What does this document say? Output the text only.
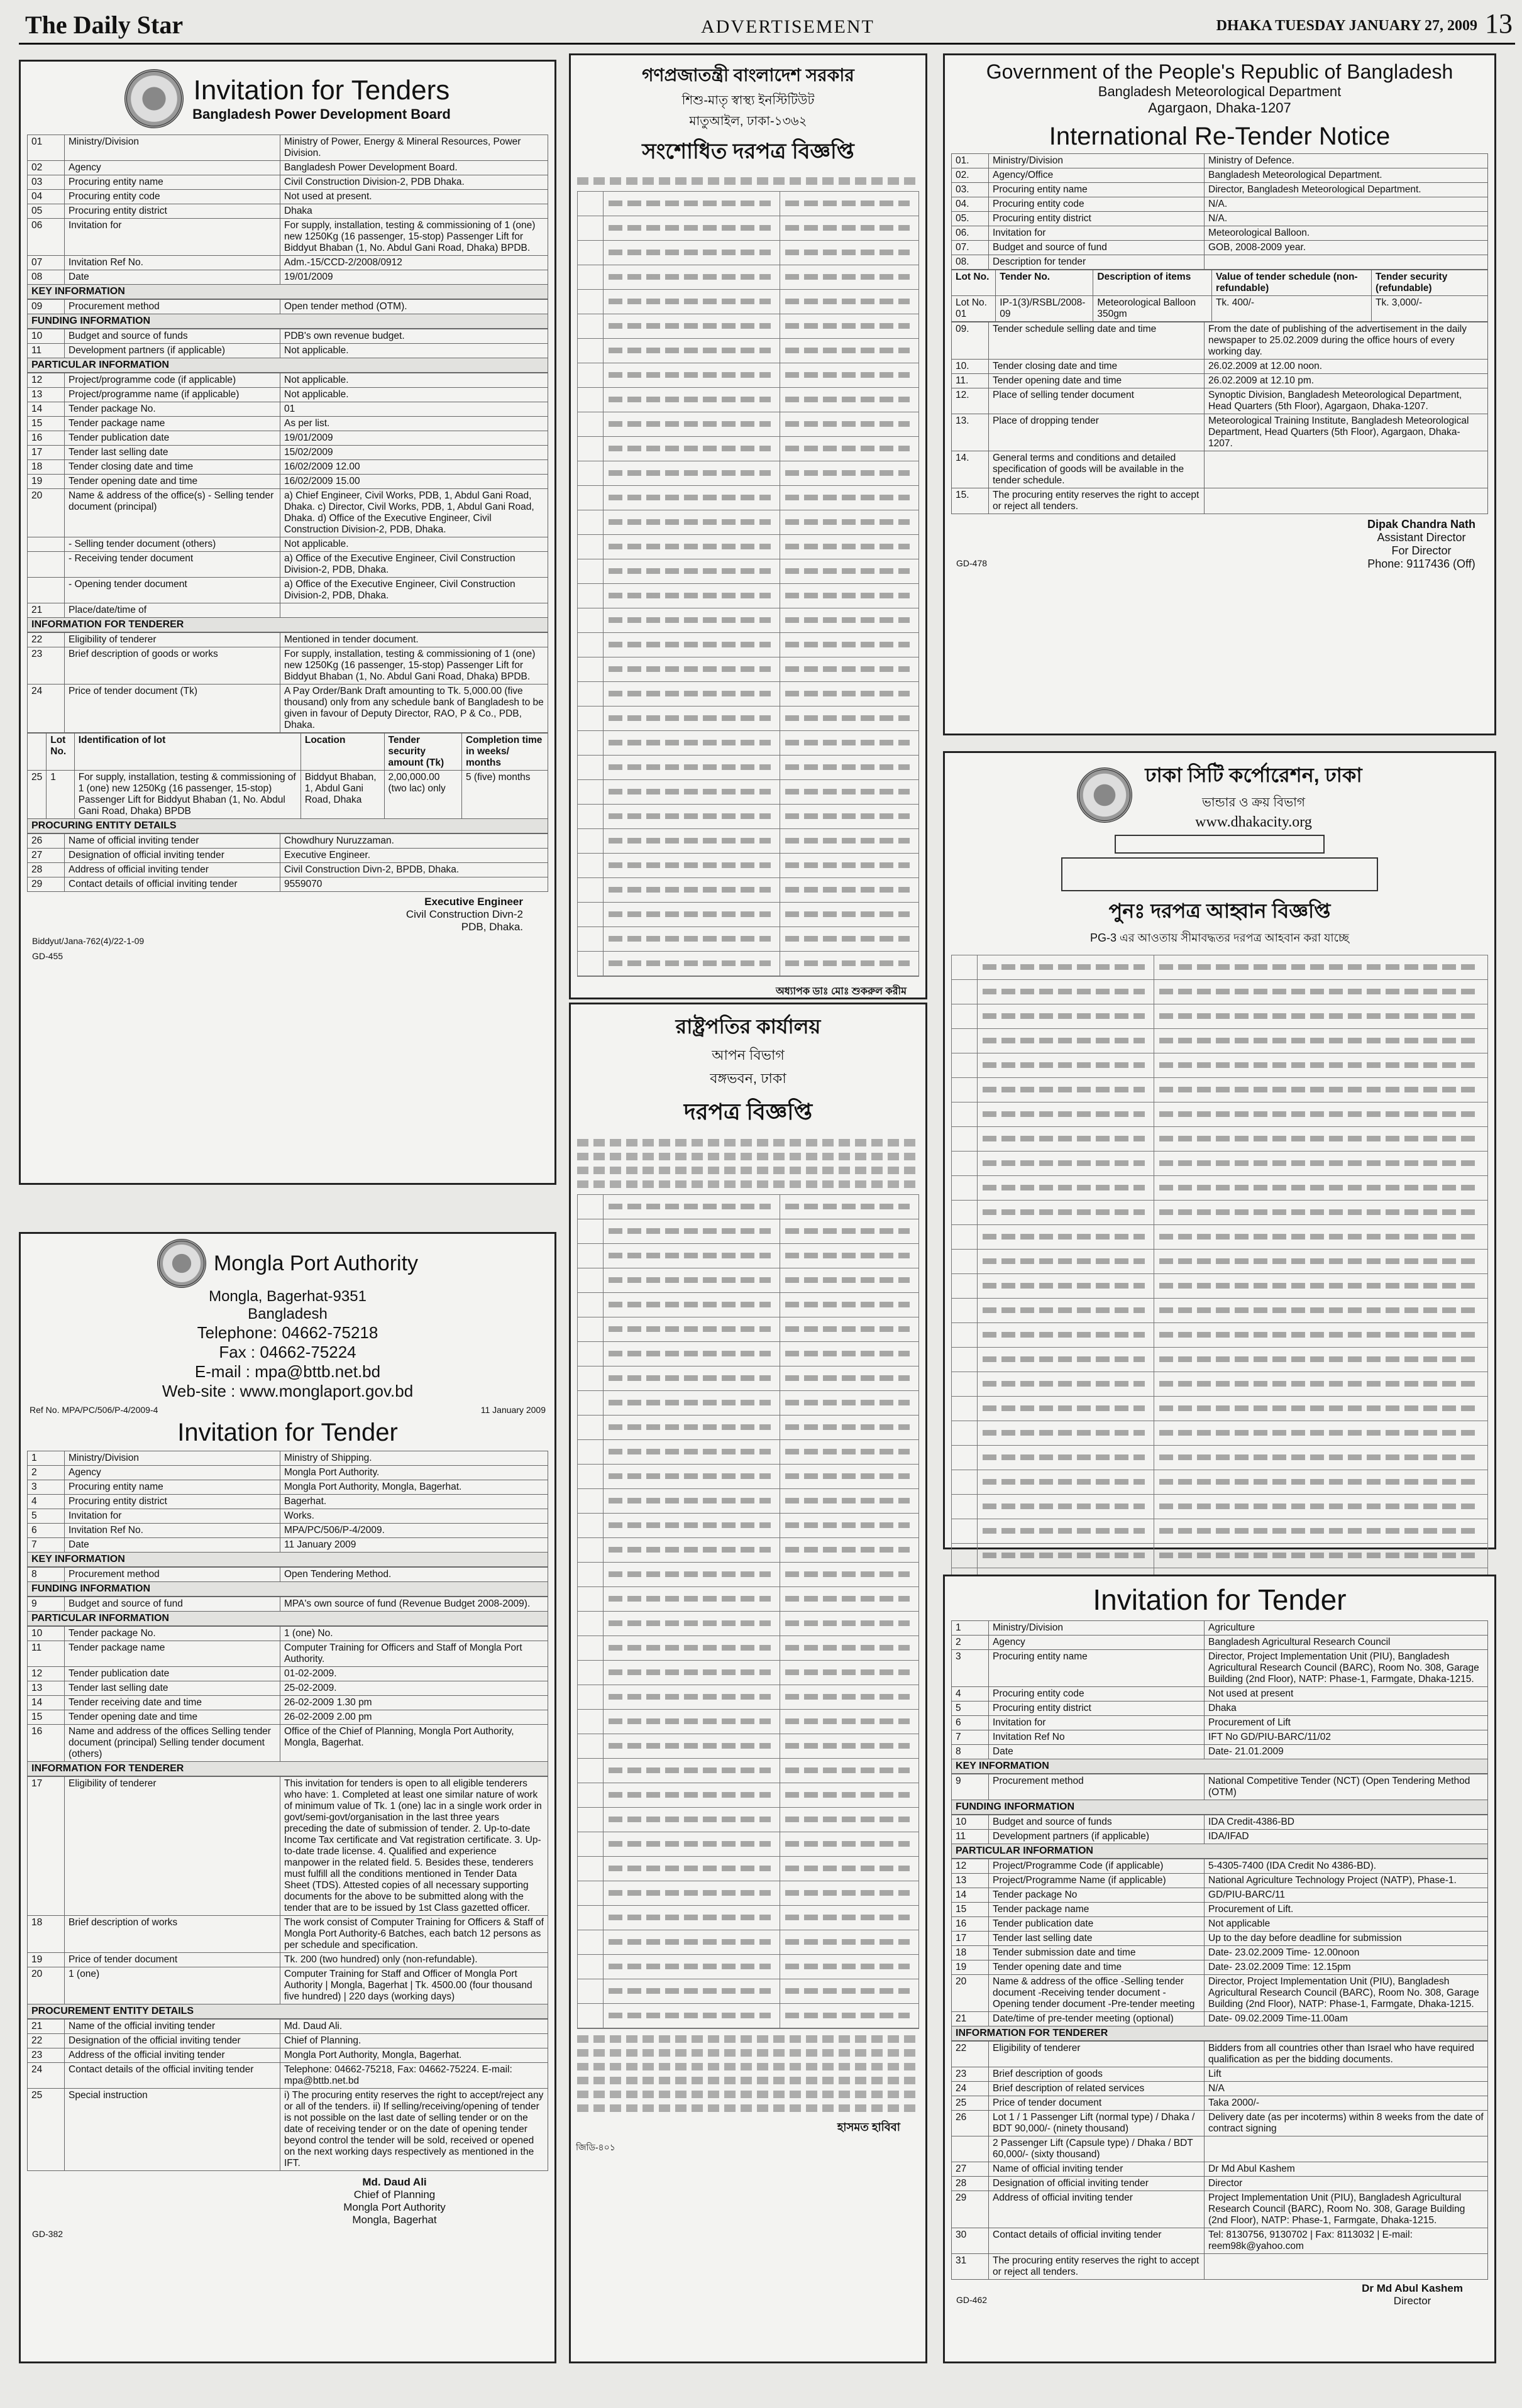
The Daily Star	ADVERTISEMENT	DHAKA TUESDAY JANUARY 27, 2009 13
Invitation for Tenders
Bangladesh Power Development Board
01	Ministry/Division	Ministry of Power, Energy & Mineral Resources, Power Division.
02	Agency	Bangladesh Power Development Board.
03	Procuring entity name	Civil Construction Division-2, PDB Dhaka.
04	Procuring entity code	Not used at present.
05	Procuring entity district	Dhaka
06	Invitation for	For supply, installation, testing & commissioning of 1 (one) new 1250Kg (16 passenger, 15-stop) Passenger Lift for Biddyut Bhaban (1, No. Abdul Gani Road, Dhaka) BPDB.
07	Invitation Ref No.	Adm.-15/CCD-2/2008/0912
08	Date	19/01/2009
KEY INFORMATION
09	Procurement method	Open tender method (OTM).
FUNDING INFORMATION
10	Budget and source of funds	PDB's own revenue budget.
11	Development partners (if applicable)	Not applicable.
PARTICULAR INFORMATION
12	Project/programme code (if applicable)	Not applicable.
13	Project/programme name (if applicable)	Not applicable.
14	Tender package No.	01
15	Tender package name	As per list.
16	Tender publication date	19/01/2009
17	Tender last selling date	15/02/2009
18	Tender closing date and time	16/02/2009 12.00
19	Tender opening date and time	16/02/2009 15.00
20	Name & address of the office(s) - Selling tender document (principal)	a) Chief Engineer, Civil Works, PDB, 1, Abdul Gani Road, Dhaka. c) Director, Civil Works, PDB, 1, Abdul Gani Road, Dhaka. d) Office of the Executive Engineer, Civil Construction Division-2, PDB, Dhaka.
	- Selling tender document (others)	Not applicable.
	- Receiving tender document	a) Office of the Executive Engineer, Civil Construction Division-2, PDB, Dhaka.
	- Opening tender document	a) Office of the Executive Engineer, Civil Construction Division-2, PDB, Dhaka.
21	Place/date/time of	
INFORMATION FOR TENDERER
22	Eligibility of tenderer	Mentioned in tender document.
23	Brief description of goods or works	For supply, installation, testing & commissioning of 1 (one) new 1250Kg (16 passenger, 15-stop) Passenger Lift for Biddyut Bhaban (1, No. Abdul Gani Road, Dhaka) BPDB.
24	Price of tender document (Tk)	A Pay Order/Bank Draft amounting to Tk. 5,000.00 (five thousand) only from any schedule bank of Bangladesh to be given in favour of Deputy Director, RAO, P & Co., PDB, Dhaka.
	Lot No.	Identification of lot	Location	Tender security amount (Tk)	Completion time in weeks/ months
25	1	For supply, installation, testing & commissioning of 1 (one) new 1250Kg (16 passenger, 15-stop) Passenger Lift for Biddyut Bhaban (1, No. Abdul Gani Road, Dhaka) BPDB	Biddyut Bhaban, 1, Abdul Gani Road, Dhaka	2,00,000.00 (two lac) only	5 (five) months
PROCURING ENTITY DETAILS
26	Name of official inviting tender	Chowdhury Nuruzzaman.
27	Designation of official inviting tender	Executive Engineer.
28	Address of official inviting tender	Civil Construction Divn-2, BPDB, Dhaka.
29	Contact details of official inviting tender	9559070
Executive Engineer
Civil Construction Divn-2
PDB, Dhaka.
Biddyut/Jana-762(4)/22-1-09
GD-455
Mongla Port Authority
Mongla, Bagerhat-9351
Bangladesh
Telephone: 04662-75218
Fax : 04662-75224
E-mail : mpa@bttb.net.bd
Web-site : www.monglaport.gov.bd
Ref No. MPA/PC/506/P-4/2009-4	11 January 2009
Invitation for Tender
1	Ministry/Division	Ministry of Shipping.
2	Agency	Mongla Port Authority.
3	Procuring entity name	Mongla Port Authority, Mongla, Bagerhat.
4	Procuring entity district	Bagerhat.
5	Invitation for	Works.
6	Invitation Ref No.	MPA/PC/506/P-4/2009.
7	Date	11 January 2009
KEY INFORMATION
8	Procurement method	Open Tendering Method.
FUNDING INFORMATION
9	Budget and source of fund	MPA's own source of fund (Revenue Budget 2008-2009).
PARTICULAR INFORMATION
10	Tender package No.	1 (one) No.
11	Tender package name	Computer Training for Officers and Staff of Mongla Port Authority.
12	Tender publication date	01-02-2009.
13	Tender last selling date	25-02-2009.
14	Tender receiving date and time	26-02-2009 1.30 pm
15	Tender opening date and time	26-02-2009 2.00 pm
16	Name and address of the offices Selling tender document (principal) Selling tender document (others)	Office of the Chief of Planning, Mongla Port Authority, Mongla, Bagerhat.
INFORMATION FOR TENDERER
17	Eligibility of tenderer	This invitation for tenders is open to all eligible tenderers who have: 1. Completed at least one similar nature of work of minimum value of Tk. 1 (one) lac in a single work order in govt/semi-govt/organisation in the last three years preceding the date of submission of tender. 2. Up-to-date Income Tax certificate and Vat registration certificate. 3. Up-to-date trade license. 4. Qualified and experience manpower in the related field. 5. Besides these, tenderers must fulfill all the conditions mentioned in Tender Data Sheet (TDS). Attested copies of all necessary supporting documents for the above to be submitted along with the tender that are to be issued by 1st Class gazetted officer.
18	Brief description of works	The work consist of Computer Training for Officers & Staff of Mongla Port Authority-6 Batches, each batch 12 persons as per schedule and specification.
19	Price of tender document	Tk. 200 (two hundred) only (non-refundable).
20	1 (one)	Computer Training for Staff and Officer of Mongla Port Authority | Mongla, Bagerhat | Tk. 4500.00 (four thousand five hundred) | 220 days (working days)
PROCUREMENT ENTITY DETAILS
21	Name of the official inviting tender	Md. Daud Ali.
22	Designation of the official inviting tender	Chief of Planning.
23	Address of the official inviting tender	Mongla Port Authority, Mongla, Bagerhat.
24	Contact details of the official inviting tender	Telephone: 04662-75218, Fax: 04662-75224. E-mail: mpa@bttb.net.bd
25	Special instruction	i) The procuring entity reserves the right to accept/reject any or all of the tenders. ii) If selling/receiving/opening of tender is not possible on the last date of selling tender or on the date of receiving tender or on the date of opening tender beyond control the tender will be sold, received or opened on the next working days respectively as mentioned in the IFT.
Md. Daud Ali
Chief of Planning
Mongla Port Authority
Mongla, Bagerhat
GD-382
গণপ্রজাতন্ত্রী বাংলাদেশ সরকার
শিশু-মাতৃ স্বাস্থ্য ইনস্টিটিউট
মাতুআইল, ঢাকা-১৩৬২
সংশোধিত দরপত্র বিজ্ঞপ্তি
অধ্যাপক ডাঃ মোঃ শুকরুল করীম
রাষ্ট্রপতির কার্যালয়
আপন বিভাগ
বঙ্গভবন, ঢাকা
দরপত্র বিজ্ঞপ্তি
হাসমত হাবিবা
জিডি-৪০১
Government of the People's Republic of Bangladesh
Bangladesh Meteorological Department
Agargaon, Dhaka-1207
International Re-Tender Notice
01.	Ministry/Division	Ministry of Defence.
02.	Agency/Office	Bangladesh Meteorological Department.
03.	Procuring entity name	Director, Bangladesh Meteorological Department.
04.	Procuring entity code	N/A.
05.	Procuring entity district	N/A.
06.	Invitation for	Meteorological Balloon.
07.	Budget and source of fund	GOB, 2008-2009 year.
08.	Description for tender	
Lot No.	Tender No.	Description of items	Value of tender schedule (non-refundable)	Tender security (refundable)
Lot No. 01	IP-1(3)/RSBL/2008-09	Meteorological Balloon 350gm	Tk. 400/-	Tk. 3,000/-
09.	Tender schedule selling date and time	From the date of publishing of the advertisement in the daily newspaper to 25.02.2009 during the office hours of every working day.
10.	Tender closing date and time	26.02.2009 at 12.00 noon.
11.	Tender opening date and time	26.02.2009 at 12.10 pm.
12.	Place of selling tender document	Synoptic Division, Bangladesh Meteorological Department, Head Quarters (5th Floor), Agargaon, Dhaka-1207.
13.	Place of dropping tender	Meteorological Training Institute, Bangladesh Meteorological Department, Head Quarters (5th Floor), Agargaon, Dhaka-1207.
14.	General terms and conditions and detailed specification of goods will be available in the tender schedule.	
15.	The procuring entity reserves the right to accept or reject all tenders.	
GD-478
Dipak Chandra Nath
Assistant Director
For Director
Phone: 9117436 (Off)
ঢাকা সিটি কর্পোরেশন, ঢাকা
ভান্ডার ও ক্রয় বিভাগ
www.dhakacity.org
পুনঃ দরপত্র আহ্বান বিজ্ঞপ্তি
PG-3 এর আওতায় সীমাবদ্ধতর দরপত্র আহবান করা যাচ্ছে
Invitation for Tender
1	Ministry/Division	Agriculture
2	Agency	Bangladesh Agricultural Research Council
3	Procuring entity name	Director, Project Implementation Unit (PIU), Bangladesh Agricultural Research Council (BARC), Room No. 308, Garage Building (2nd Floor), NATP: Phase-1, Farmgate, Dhaka-1215.
4	Procuring entity code	Not used at present
5	Procuring entity district	Dhaka
6	Invitation for	Procurement of Lift
7	Invitation Ref No	IFT No GD/PIU-BARC/11/02
8	Date	Date- 21.01.2009
KEY INFORMATION
9	Procurement method	National Competitive Tender (NCT) (Open Tendering Method (OTM)
FUNDING INFORMATION
10	Budget and source of funds	IDA Credit-4386-BD
11	Development partners (if applicable)	IDA/IFAD
PARTICULAR INFORMATION
12	Project/Programme Code (if applicable)	5-4305-7400 (IDA Credit No 4386-BD).
13	Project/Programme Name (if applicable)	National Agriculture Technology Project (NATP), Phase-1.
14	Tender package No	GD/PIU-BARC/11
15	Tender package name	Procurement of Lift.
16	Tender publication date	Not applicable
17	Tender last selling date	Up to the day before deadline for submission
18	Tender submission date and time	Date- 23.02.2009 Time- 12.00noon
19	Tender opening date and time	Date- 23.02.2009 Time: 12.15pm
20	Name & address of the office -Selling tender document -Receiving tender document -Opening tender document -Pre-tender meeting	Director, Project Implementation Unit (PIU), Bangladesh Agricultural Research Council (BARC), Room No. 308, Garage Building (2nd Floor), NATP: Phase-1, Farmgate, Dhaka-1215.
21	Date/time of pre-tender meeting (optional)	Date- 09.02.2009 Time-11.00am
INFORMATION FOR TENDERER
22	Eligibility of tenderer	Bidders from all countries other than Israel who have required qualification as per the bidding documents.
23	Brief description of goods	Lift
24	Brief description of related services	N/A
25	Price of tender document	Taka 2000/-
26	Lot 1 / 1 Passenger Lift (normal type) / Dhaka / BDT 90,000/- (ninety thousand)	Delivery date (as per incoterms) within 8 weeks from the date of contract signing
	2 Passenger Lift (Capsule type) / Dhaka / BDT 60,000/- (sixty thousand)	
27	Name of official inviting tender	Dr Md Abul Kashem
28	Designation of official inviting tender	Director
29	Address of official inviting tender	Project Implementation Unit (PIU), Bangladesh Agricultural Research Council (BARC), Room No. 308, Garage Building (2nd Floor), NATP: Phase-1, Farmgate, Dhaka-1215.
30	Contact details of official inviting tender	Tel: 8130756, 9130702 | Fax: 8113032 | E-mail: reem98k@yahoo.com
31	The procuring entity reserves the right to accept or reject all tenders.	
GD-462
Dr Md Abul Kashem
Director
